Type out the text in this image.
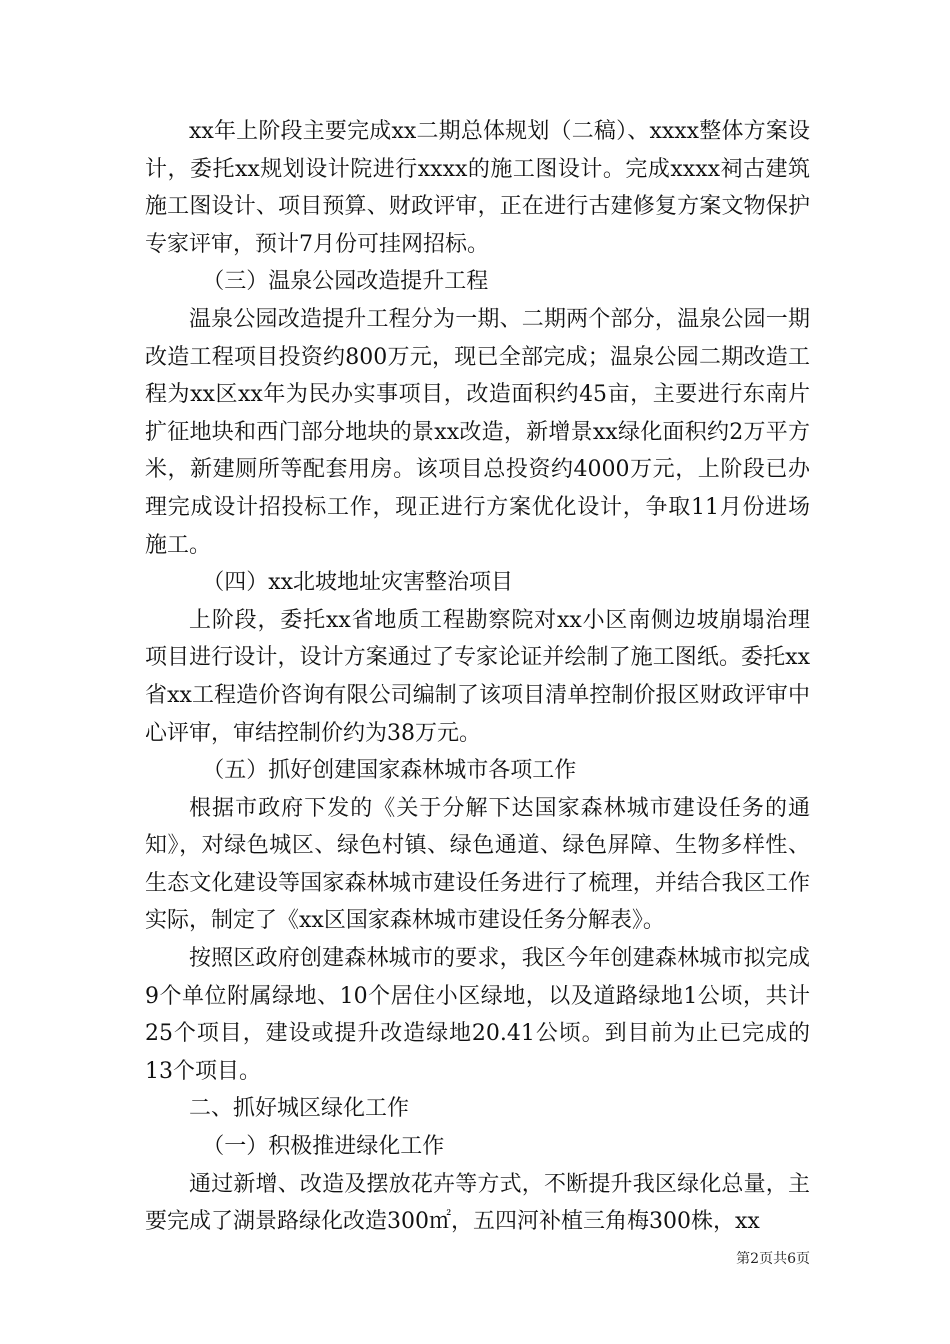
xx年上阶段主要完成xx二期总体规划（二稿）、xxxx整体方案设计，委托xx规划设计院进行xxxx的施工图设计。完成xxxx祠古建筑施工图设计、项目预算、财政评审，正在进行古建修复方案文物保护专家评审，预计7月份可挂网招标。

（三）温泉公园改造提升工程

温泉公园改造提升工程分为一期、二期两个部分，温泉公园一期改造工程项目投资约800万元，现已全部完成；温泉公园二期改造工程为xx区xx年为民办实事项目，改造面积约45亩，主要进行东南片扩征地块和西门部分地块的景xx改造，新增景xx绿化面积约2万平方米，新建厕所等配套用房。该项目总投资约4000万元，上阶段已办理完成设计招投标工作，现正进行方案优化设计，争取11月份进场施工。

（四）xx北坡地址灾害整治项目

上阶段，委托xx省地质工程勘察院对xx小区南侧边坡崩塌治理项目进行设计，设计方案通过了专家论证并绘制了施工图纸。委托xx省xx工程造价咨询有限公司编制了该项目清单控制价报区财政评审中心评审，审结控制价约为38万元。

（五）抓好创建国家森林城市各项工作

根据市政府下发的《关于分解下达国家森林城市建设任务的通知》，对绿色城区、绿色村镇、绿色通道、绿色屏障、生物多样性、生态文化建设等国家森林城市建设任务进行了梳理，并结合我区工作实际，制定了《xx区国家森林城市建设任务分解表》。

按照区政府创建森林城市的要求，我区今年创建森林城市拟完成9个单位附属绿地、10个居住小区绿地，以及道路绿地1公顷，共计25个项目，建设或提升改造绿地20.41公顷。到目前为止已完成的13个项目。

二、抓好城区绿化工作

（一）积极推进绿化工作

通过新增、改造及摆放花卉等方式，不断提升我区绿化总量，主要完成了湖景路绿化改造300㎡，五四河补植三角梅300株，xx

第2页共6页
